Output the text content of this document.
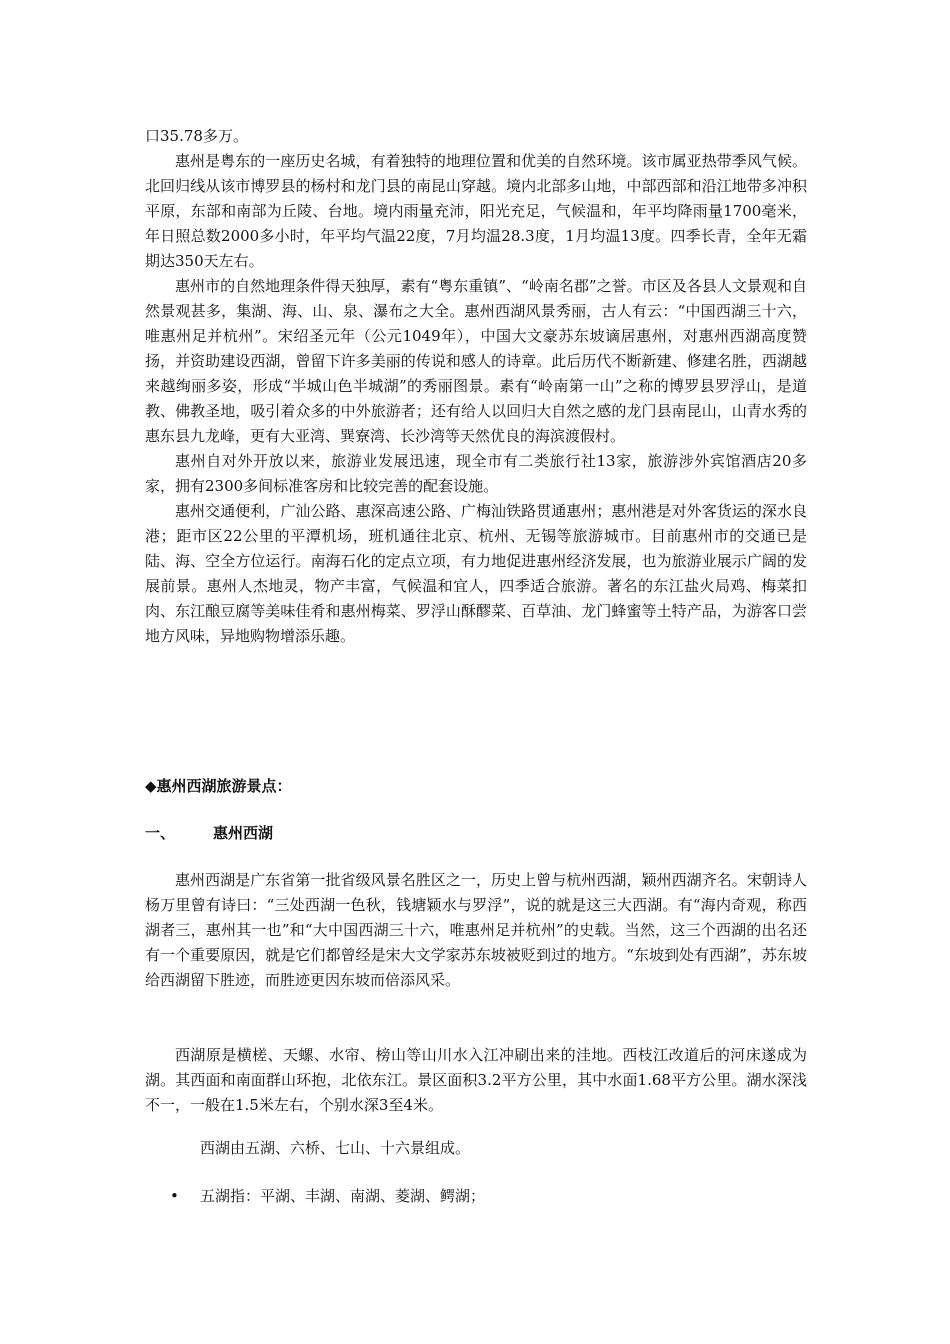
口35.78多万。

惠州是粤东的一座历史名城，有着独特的地理位置和优美的自然环境。该市属亚热带季风气候。北回归线从该市博罗县的杨村和龙门县的南昆山穿越。境内北部多山地，中部西部和沿江地带多冲积平原，东部和南部为丘陵、台地。境内雨量充沛，阳光充足，气候温和，年平均降雨量1700毫米，年日照总数2000多小时，年平均气温22度，7月均温28.3度，1月均温13度。四季长青，全年无霜期达350天左右。

惠州市的自然地理条件得天独厚，素有“粤东重镇”、“岭南名郡”之誉。市区及各县人文景观和自然景观甚多，集湖、海、山、泉、瀑布之大全。惠州西湖风景秀丽，古人有云：“中国西湖三十六，唯惠州足并杭州”。宋绍圣元年（公元1049年），中国大文豪苏东坡谪居惠州，对惠州西湖高度赞扬，并资助建设西湖，曾留下许多美丽的传说和感人的诗章。此后历代不断新建、修建名胜，西湖越来越绚丽多姿，形成“半城山色半城湖”的秀丽图景。素有“岭南第一山”之称的博罗县罗浮山，是道教、佛教圣地，吸引着众多的中外旅游者；还有给人以回归大自然之感的龙门县南昆山，山青水秀的惠东县九龙峰，更有大亚湾、巽寮湾、长沙湾等天然优良的海滨渡假村。

惠州自对外开放以来，旅游业发展迅速，现全市有二类旅行社13家，旅游涉外宾馆酒店20多家，拥有2300多间标准客房和比较完善的配套设施。

惠州交通便利，广汕公路、惠深高速公路、广梅汕铁路贯通惠州；惠州港是对外客货运的深水良港；距市区22公里的平潭机场，班机通往北京、杭州、无锡等旅游城市。目前惠州市的交通已是陆、海、空全方位运行。南海石化的定点立项，有力地促进惠州经济发展，也为旅游业展示广阔的发展前景。惠州人杰地灵，物产丰富，气候温和宜人，四季适合旅游。著名的东江盐火局鸡、梅菜扣肉、东江酿豆腐等美味佳肴和惠州梅菜、罗浮山酥醪菜、百草油、龙门蜂蜜等土特产品，为游客口尝地方风味，异地购物增添乐趣。

◆惠州西湖旅游景点：
一、	惠州西湖

惠州西湖是广东省第一批省级风景名胜区之一，历史上曾与杭州西湖，颖州西湖齐名。宋朝诗人杨万里曾有诗曰：“三处西湖一色秋，钱塘颖水与罗浮”，说的就是这三大西湖。有“海内奇观，称西湖者三，惠州其一也”和“大中国西湖三十六，唯惠州足并杭州”的史载。当然，这三个西湖的出名还有一个重要原因，就是它们都曾经是宋大文学家苏东坡被贬到过的地方。“东坡到处有西湖”，苏东坡给西湖留下胜迹，而胜迹更因东坡而倍添风采。

西湖原是横槎、天螺、水帘、榜山等山川水入江冲刷出来的洼地。西枝江改道后的河床遂成为湖。其西面和南面群山环抱，北依东江。景区面积3.2平方公里，其中水面1.68平方公里。湖水深浅不一，一般在1.5米左右，个别水深3至4米。

西湖由五湖、六桥、七山、十六景组成。

• 五湖指：平湖、丰湖、南湖、菱湖、鳄湖；
